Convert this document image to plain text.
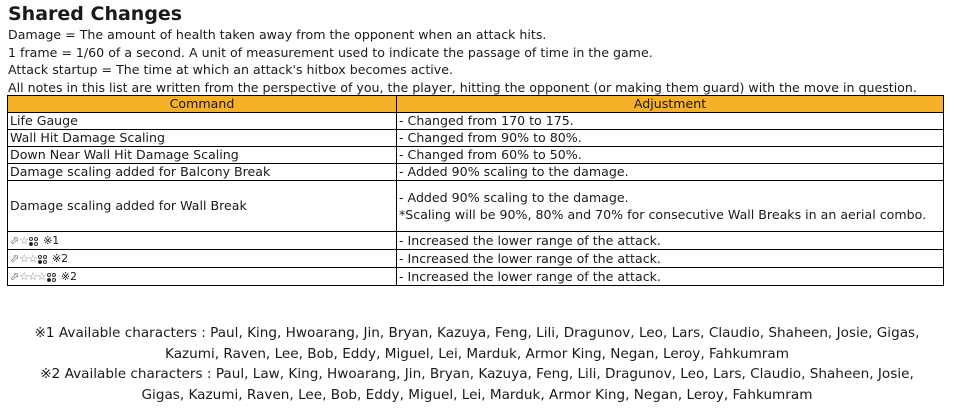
Shared Changes
Damage = The amount of health taken away from the opponent when an attack hits.
1 frame = 1/60 of a second. A unit of measurement used to indicate the passage of time in the game.
Attack startup = The time at which an attack's hitbox becomes active.
All notes in this list are written from the perspective of you, the player, hitting the opponent (or making them guard) with the move in question.
Command	Adjustment
Life Gauge	- Changed from 170 to 175.
Wall Hit Damage Scaling	- Changed from 90% to 80%.
Down Near Wall Hit Damage Scaling	- Changed from 60% to 50%.
Damage scaling added for Balcony Break	- Added 90% scaling to the damage.
Damage scaling added for Wall Break	- Added 90% scaling to the damage.
*Scaling will be 90%, 80% and 70% for consecutive Wall Breaks in an aerial combo.

⬀ ☆ ※1	- Increased the lower range of the attack.

⬀ ☆☆ ※2	- Increased the lower range of the attack.

⬀ ☆☆☆ ※2	- Increased the lower range of the attack.
※1 Available characters : Paul, King, Hwoarang, Jin, Bryan, Kazuya, Feng, Lili, Dragunov, Leo, Lars, Claudio, Shaheen, Josie, Gigas,
Kazumi, Raven, Lee, Bob, Eddy, Miguel, Lei, Marduk, Armor King, Negan, Leroy, Fahkumram
※2 Available characters : Paul, Law, King, Hwoarang, Jin, Bryan, Kazuya, Feng, Lili, Dragunov, Leo, Lars, Claudio, Shaheen, Josie,
Gigas, Kazumi, Raven, Lee, Bob, Eddy, Miguel, Lei, Marduk, Armor King, Negan, Leroy, Fahkumram
